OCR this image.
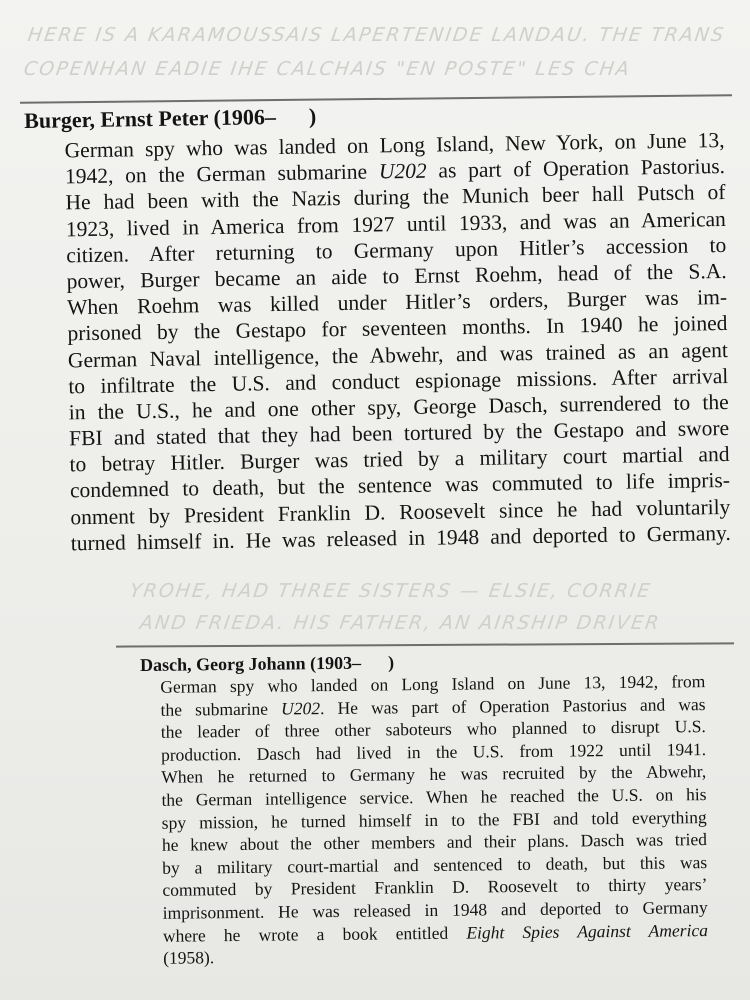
HERE IS A KARAMOUSSAIS LAPERTENIDE LANDAU. THE TRANS
COPENHAN EADIE IHE CALCHAIS "EN POSTE" LES CHA
YROHE, HAD THREE SISTERS — ELSIE, CORRIE
AND FRIEDA. HIS FATHER, AN AIRSHIP DRIVER
Burger, Ernst Peter (1906–      )
German spy who was landed on Long Island, New York, on June 13,
1942, on the German submarine U202 as part of Operation Pastorius.
He had been with the Nazis during the Munich beer hall Putsch of
1923, lived in America from 1927 until 1933, and was an American
citizen. After returning to Germany upon Hitler’s accession to
power, Burger became an aide to Ernst Roehm, head of the S.A.
When Roehm was killed under Hitler’s orders, Burger was im-
prisoned by the Gestapo for seventeen months. In 1940 he joined
German Naval intelligence, the Abwehr, and was trained as an agent
to infiltrate the U.S. and conduct espionage missions. After arrival
in the U.S., he and one other spy, George Dasch, surrendered to the
FBI and stated that they had been tortured by the Gestapo and swore
to betray Hitler. Burger was tried by a military court martial and
condemned to death, but the sentence was commuted to life impris-
onment by President Franklin D. Roosevelt since he had voluntarily
turned himself in. He was released in 1948 and deported to Germany.
Dasch, Georg Johann (1903–      )
German spy who landed on Long Island on June 13, 1942, from
the submarine U202. He was part of Operation Pastorius and was
the leader of three other saboteurs who planned to disrupt U.S.
production. Dasch had lived in the U.S. from 1922 until 1941.
When he returned to Germany he was recruited by the Abwehr,
the German intelligence service. When he reached the U.S. on his
spy mission, he turned himself in to the FBI and told everything
he knew about the other members and their plans. Dasch was tried
by a military court-martial and sentenced to death, but this was
commuted by President Franklin D. Roosevelt to thirty years’
imprisonment. He was released in 1948 and deported to Germany
where he wrote a book entitled Eight Spies Against America
(1958).
